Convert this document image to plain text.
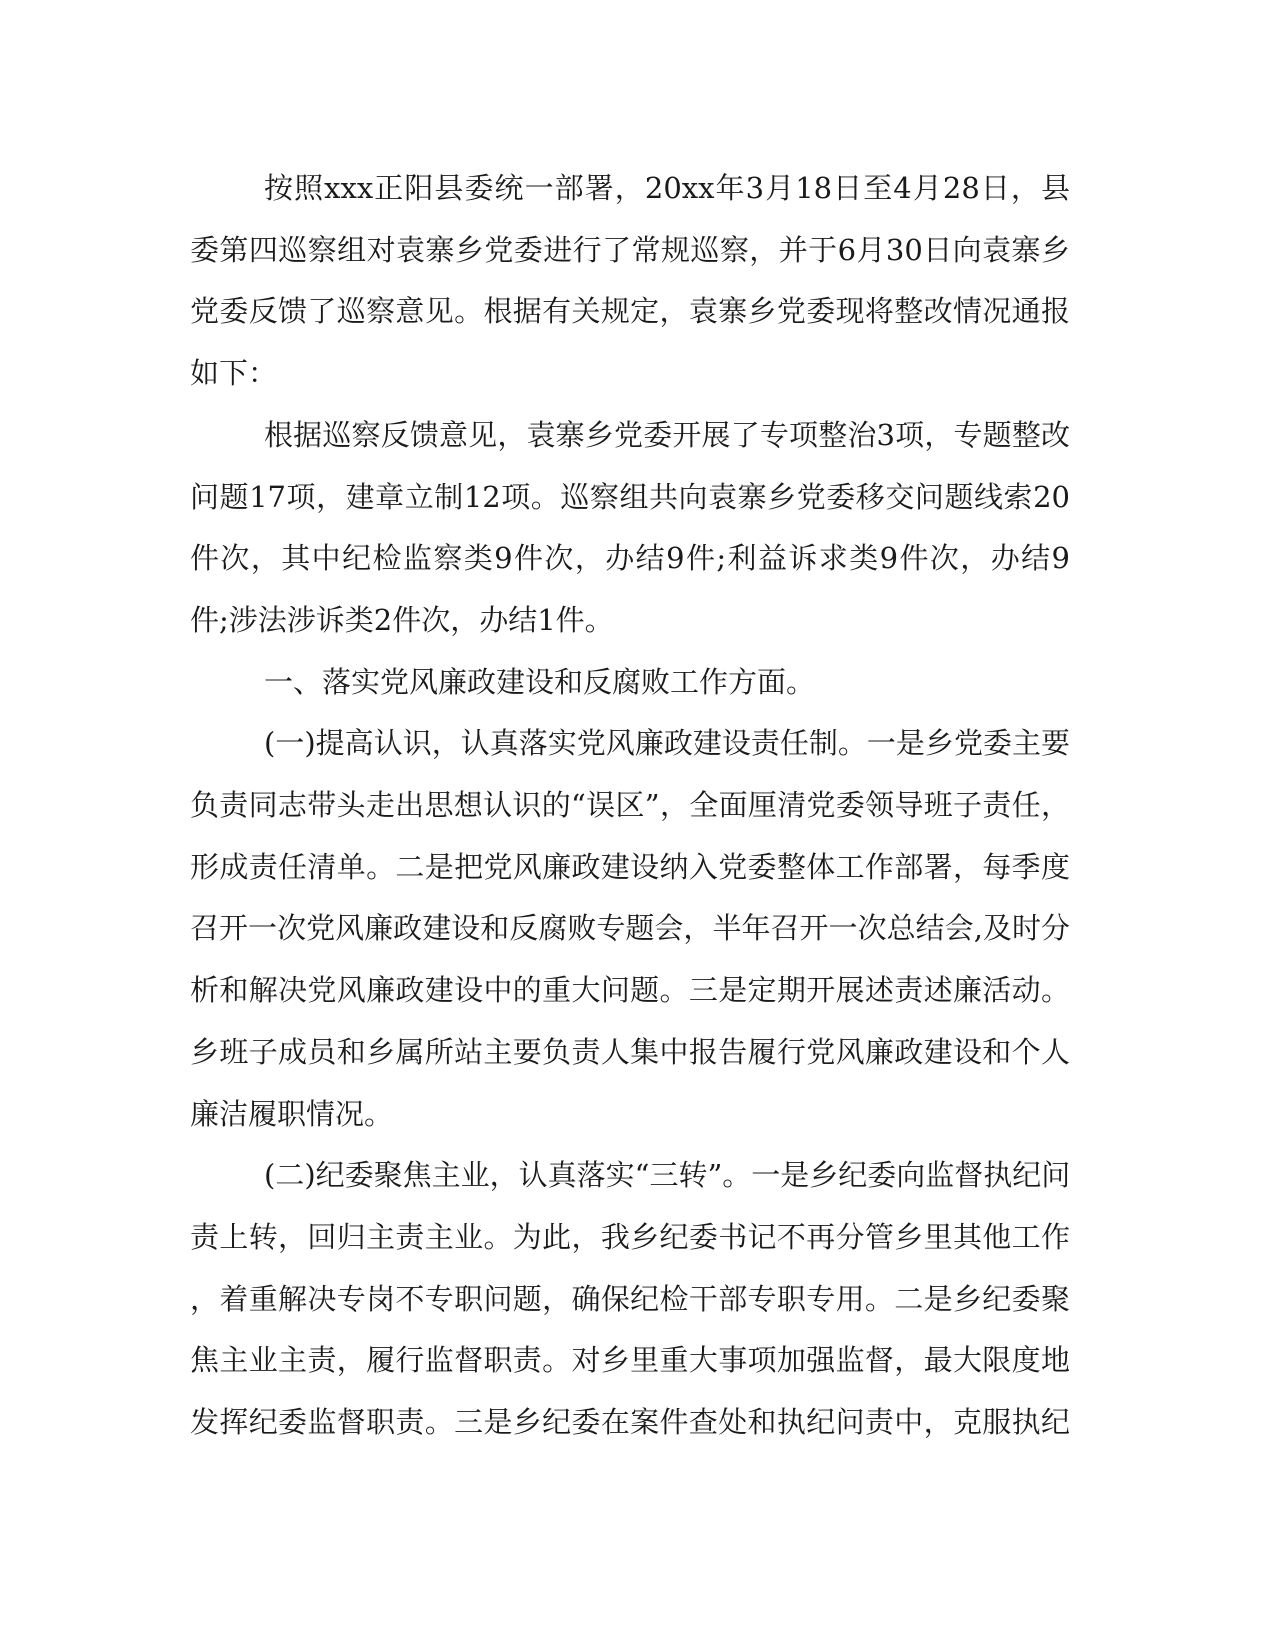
按照xxx正阳县委统一部署，20xx年3月18日至4月28日，县
委第四巡察组对袁寨乡党委进行了常规巡察，并于6月30日向袁寨乡
党委反馈了巡察意见。根据有关规定，袁寨乡党委现将整改情况通报
如下：

根据巡察反馈意见，袁寨乡党委开展了专项整治3项，专题整改
问题17项，建章立制12项。巡察组共向袁寨乡党委移交问题线索20
件次，其中纪检监察类9件次，办结9件;利益诉求类9件次，办结9
件;涉法涉诉类2件次，办结1件。

一、落实党风廉政建设和反腐败工作方面。

(一)提高认识，认真落实党风廉政建设责任制。一是乡党委主要
负责同志带头走出思想认识的“误区”，全面厘清党委领导班子责任，
形成责任清单。二是把党风廉政建设纳入党委整体工作部署，每季度
召开一次党风廉政建设和反腐败专题会，半年召开一次总结会,及时分
析和解决党风廉政建设中的重大问题。三是定期开展述责述廉活动。
乡班子成员和乡属所站主要负责人集中报告履行党风廉政建设和个人
廉洁履职情况。

(二)纪委聚焦主业，认真落实“三转”。一是乡纪委向监督执纪问
责上转，回归主责主业。为此，我乡纪委书记不再分管乡里其他工作
，着重解决专岗不专职问题，确保纪检干部专职专用。二是乡纪委聚
焦主业主责，履行监督职责。对乡里重大事项加强监督，最大限度地
发挥纪委监督职责。三是乡纪委在案件查处和执纪问责中，克服执纪
